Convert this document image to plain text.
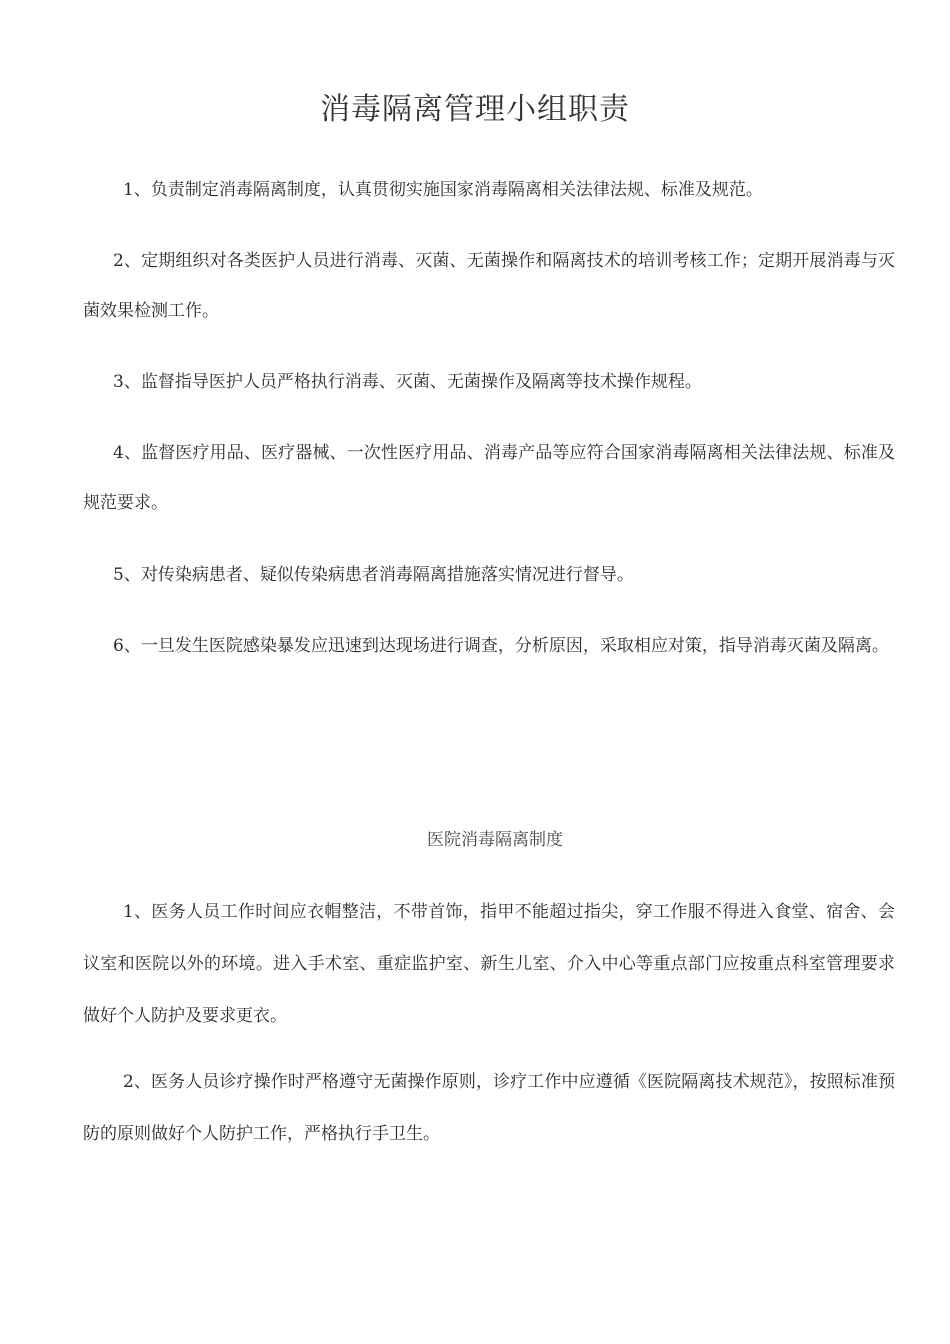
消毒隔离管理小组职责

1、负责制定消毒隔离制度，认真贯彻实施国家消毒隔离相关法律法规、标准及规范。

2、定期组织对各类医护人员进行消毒、灭菌、无菌操作和隔离技术的培训考核工作；定期开展消毒与灭菌效果检测工作。

3、监督指导医护人员严格执行消毒、灭菌、无菌操作及隔离等技术操作规程。

4、监督医疗用品、医疗器械、一次性医疗用品、消毒产品等应符合国家消毒隔离相关法律法规、标准及规范要求。

5、对传染病患者、疑似传染病患者消毒隔离措施落实情况进行督导。

6、一旦发生医院感染暴发应迅速到达现场进行调查，分析原因，采取相应对策，指导消毒灭菌及隔离。

医院消毒隔离制度

1、医务人员工作时间应衣帽整洁，不带首饰，指甲不能超过指尖，穿工作服不得进入食堂、宿舍、会议室和医院以外的环境。进入手术室、重症监护室、新生儿室、介入中心等重点部门应按重点科室管理要求做好个人防护及要求更衣。

2、医务人员诊疗操作时严格遵守无菌操作原则，诊疗工作中应遵循《医院隔离技术规范》，按照标准预防的原则做好个人防护工作，严格执行手卫生。
